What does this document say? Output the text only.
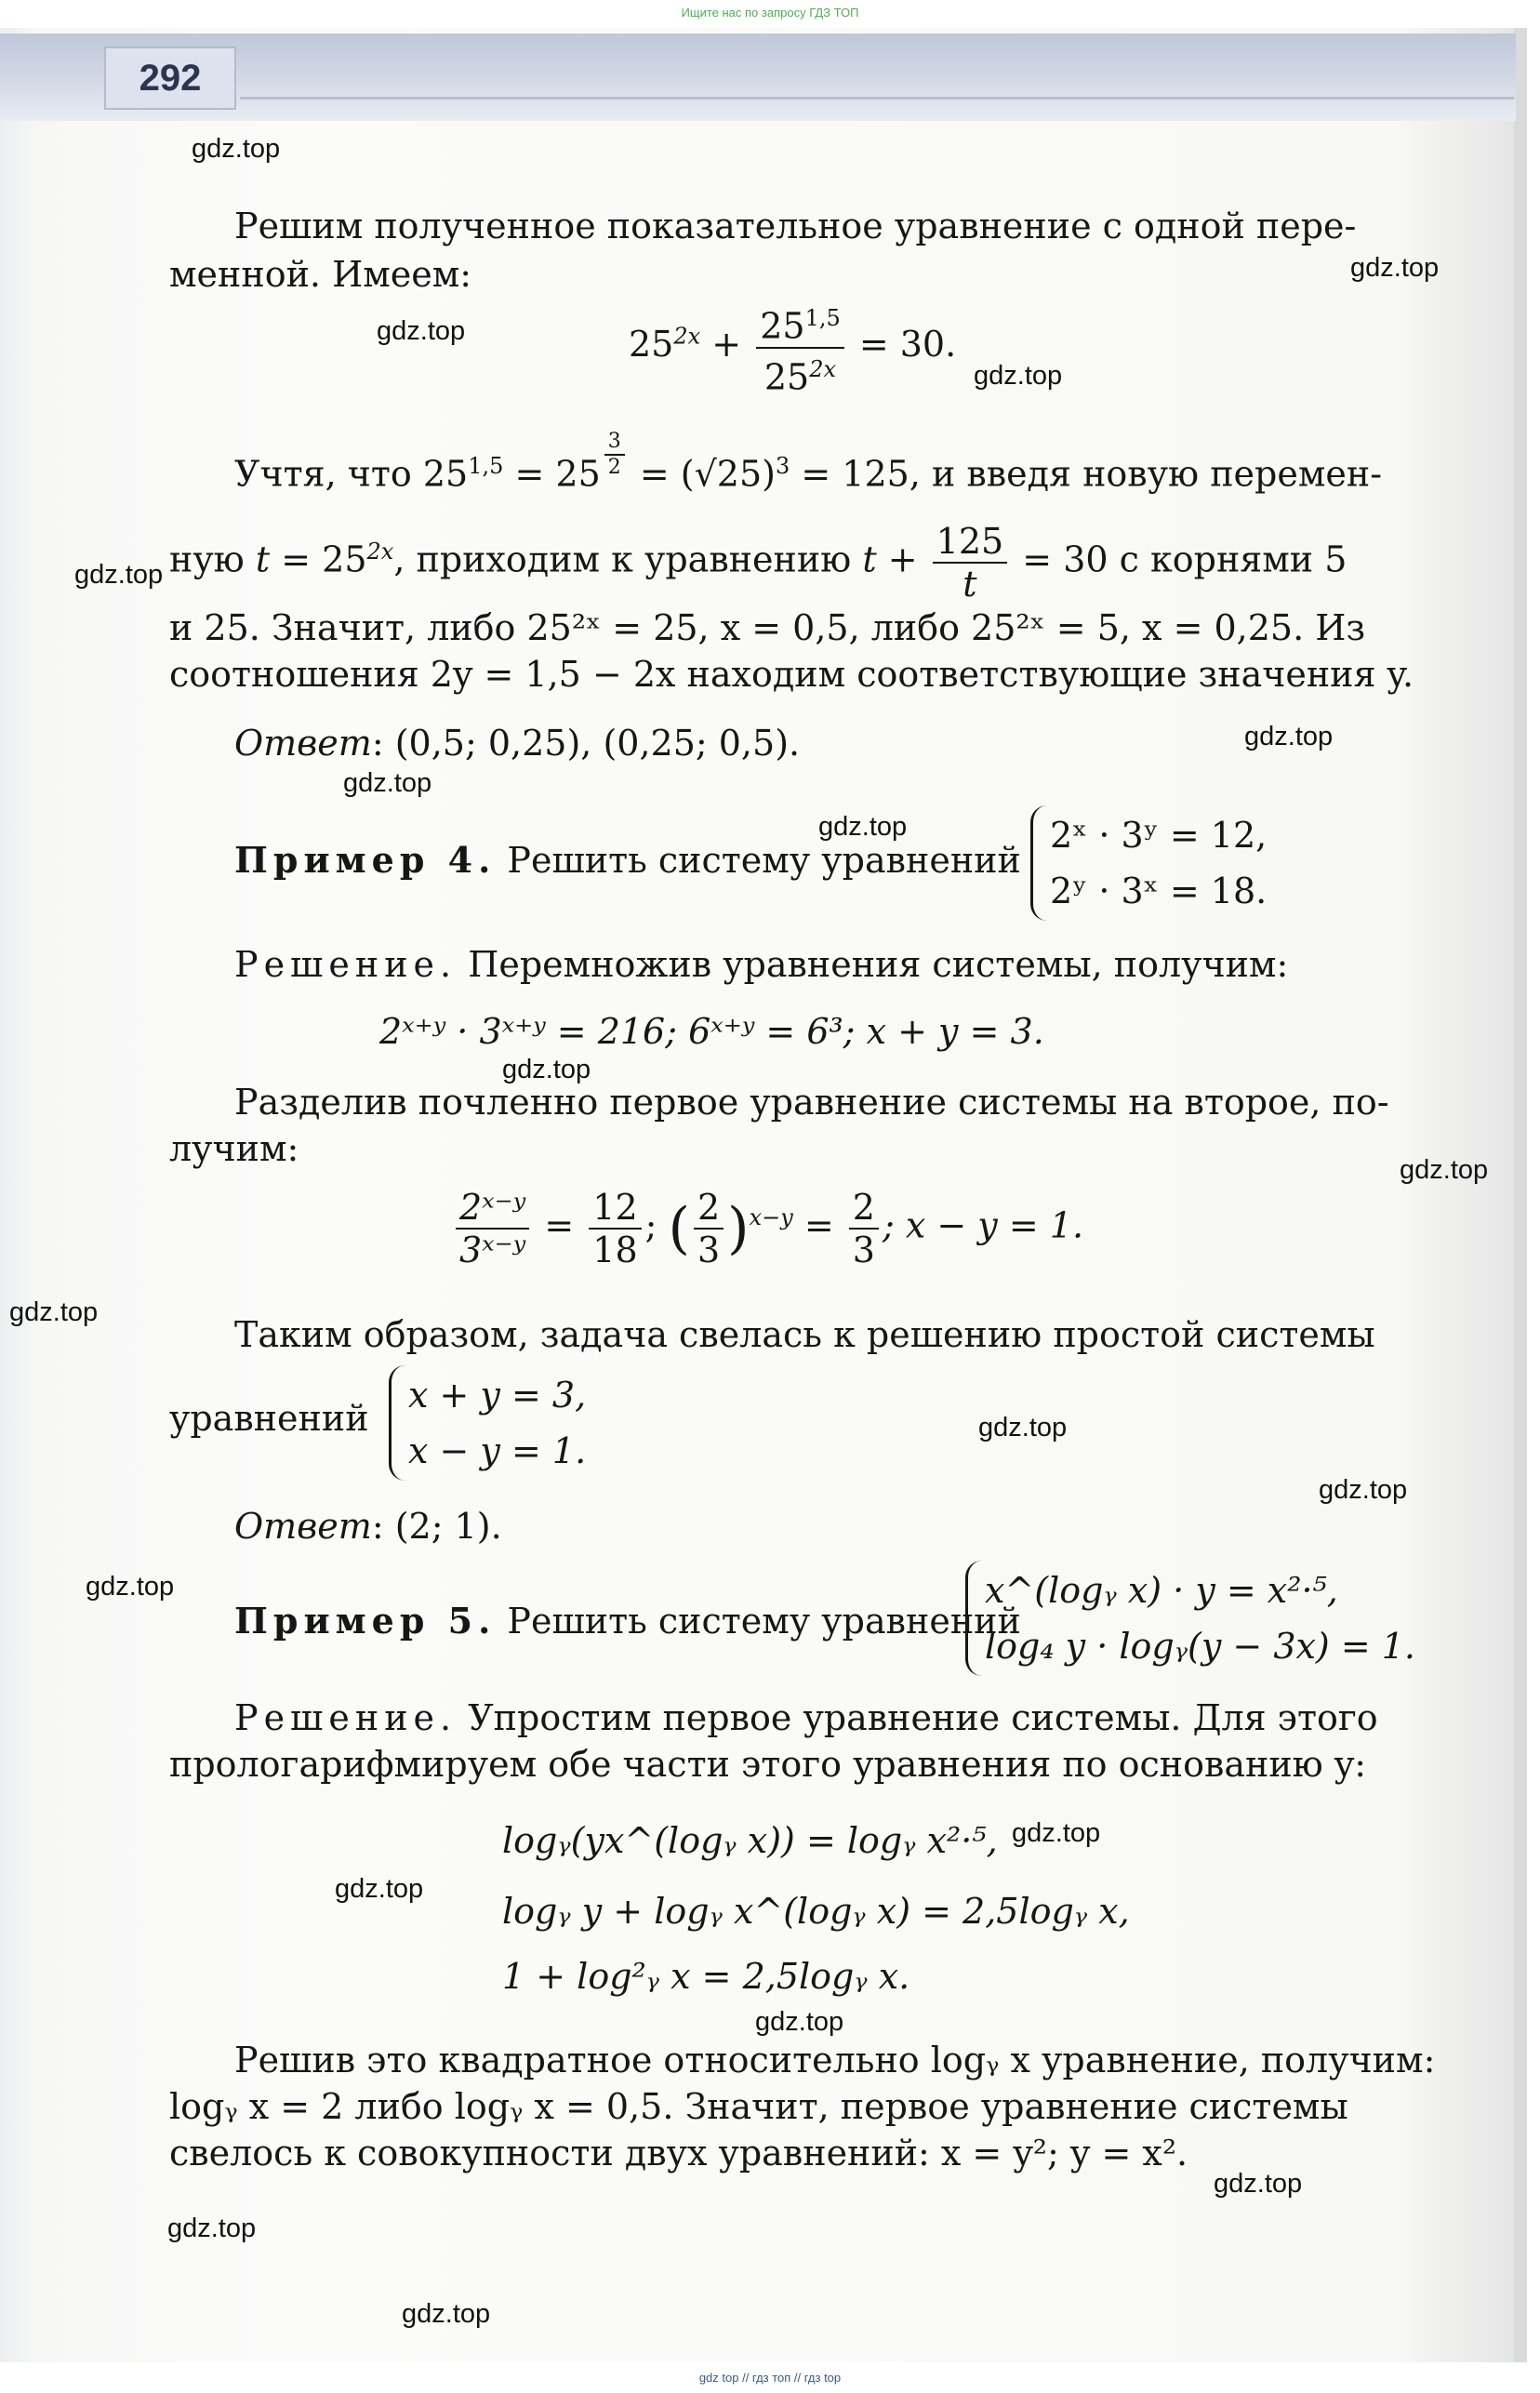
Ищите нас по запросу ГДЗ ТОП
292
gdz.top
gdz.top
gdz.top
gdz.top
gdz.top
gdz.top
gdz.top
gdz.top
gdz.top
gdz.top
gdz.top
gdz.top
gdz.top
gdz.top
gdz.top
gdz.top
gdz.top
gdz.top
gdz.top
gdz.top
Решим полученное показательное уравнение с одной пере-
менной. Имеем:
$25^{2x} + \frac{25^{1,5}}{25^{2x}} = 30$.
Учтя, что $25^{1,5} = 25 \frac{3}{2} = (√25)^3 = 125$, и введя новую перемен-
ную $t = 25^{2x}$, приходим к уравнению $t + \frac{125}{t} = 30$ с корнями 5
и 25. Значит, либо 25²ˣ = 25, x = 0,5, либо 25²ˣ = 5, x = 0,25. Из
соотношения 2y = 1,5 − 2x находим соответствующие значения y.
Ответ: (0,5; 0,25), (0,25; 0,5).
Пример 4. Решить систему уравнений
2ˣ · 3ʸ = 12,
2ʸ · 3ˣ = 18.
Решение. Перемножив уравнения системы, получим:
2ˣ⁺ʸ · 3ˣ⁺ʸ = 216; 6ˣ⁺ʸ = 6³; x + y = 3.
Разделив почленно первое уравнение системы на второе, по-
лучим:
$\frac{\text{2ˣ⁻ʸ}}{\text{3ˣ⁻ʸ}} = \frac{12}{18}$ ; ( $\frac{2}{3} )^{x-y} = \frac{2}{3}$ ; x − y = 1.
Таким образом, задача свелась к решению простой системы
уравнений
x + y = 3,
x − y = 1.
Ответ: (2; 1).
Пример 5. Решить систему уравнений
x^(logᵧ x) · y = x²·⁵,
log₄ y · logᵧ(y − 3x) = 1.
Решение. Упростим первое уравнение системы. Для этого
прологарифмируем обе части этого уравнения по основанию y:
logᵧ(yx^(logᵧ x)) = logᵧ x²·⁵,
logᵧ y + logᵧ x^(logᵧ x) = 2,5logᵧ x,
1 + log²ᵧ x = 2,5logᵧ x.
Решив это квадратное относительно logᵧ x уравнение, получим:
logᵧ x = 2 либо logᵧ x = 0,5. Значит, первое уравнение системы
свелось к совокупности двух уравнений: x = y²; y = x².
gdz top // гдз топ // гдз top
